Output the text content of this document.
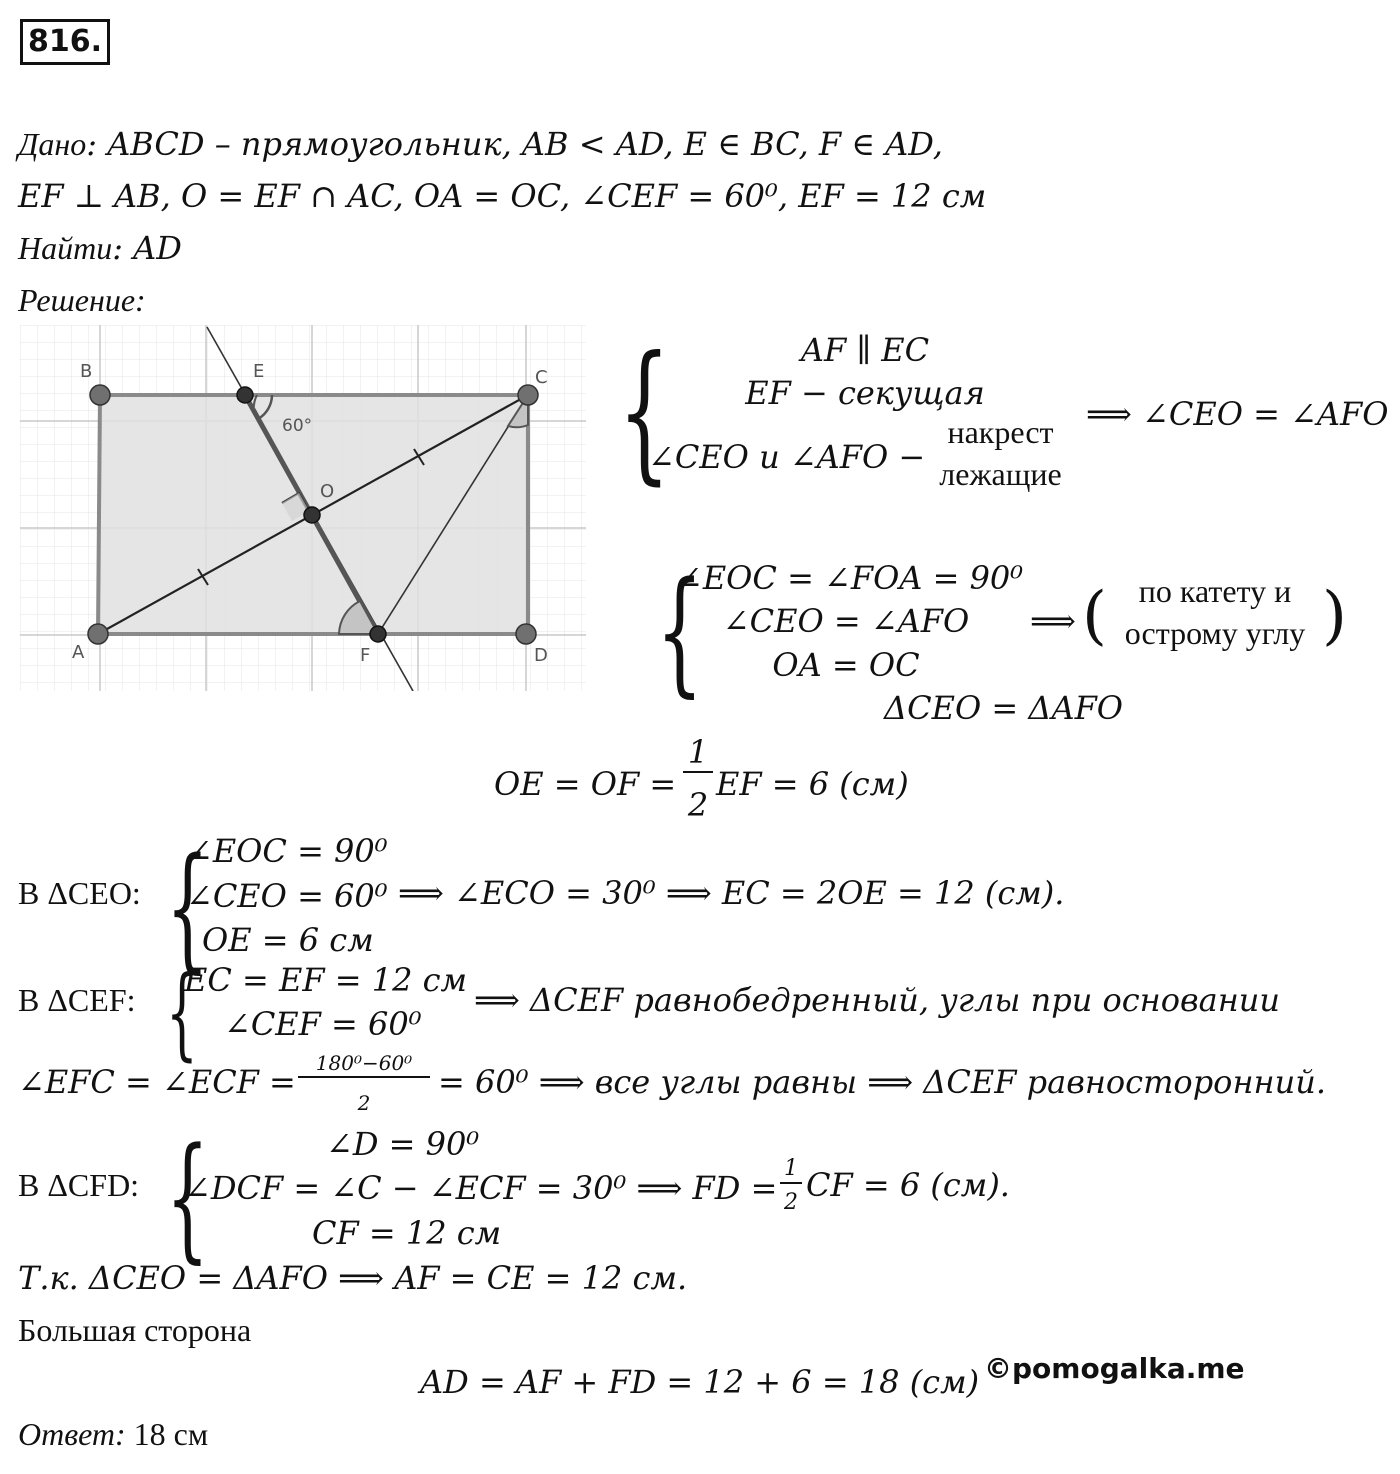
816.
Дано: ABCD – прямоугольник, AB < AD, E ∈ BC, F ∈ AD,
EF ⊥ AB, O = EF ∩ AC, OA = OC, ∠CEF = 60⁰, EF = 12 см
Найти: AD
Решение:
B	E	C
A	D
F
O
60° {	AF ∥ EC
EF − секущая
∠CEO и ∠AFO −
накрест
лежащие
⟹ ∠CEO = ∠AFO
{
∠EOC = ∠FOA = 90⁰
∠CEO = ∠AFO
OA = OC
⟹ ( по катету и
острому углу )
ΔCEO = ΔAFO
OE = OF =
1
2
EF = 6 (см)
В ΔCEO: {
∠EOC = 90⁰
∠CEO = 60⁰
OE = 6 см
⟹ ∠ECO = 30⁰ ⟹ EC = 2OE = 12 (см).
В ΔCEF: {
EC = EF = 12 см
∠CEF = 60⁰
⟹ ΔCEF равнобедренный, углы при основании
∠EFC = ∠ECF = 180⁰−60⁰
2
= 60⁰ ⟹ все углы равны ⟹ ΔCEF равносторонний.
В ΔCFD: {	∠D = 90⁰
∠DCF = ∠C − ∠ECF = 30⁰ ⟹ FD =
1
2 CF = 6 (см).
CF = 12 см
Т.к. ΔCEO = ΔAFO ⟹ AF = CE = 12 см.
Большая сторона
AD = AF + FD = 12 + 6 = 18 (см) ©pomogalka.me
Ответ: 18 см
